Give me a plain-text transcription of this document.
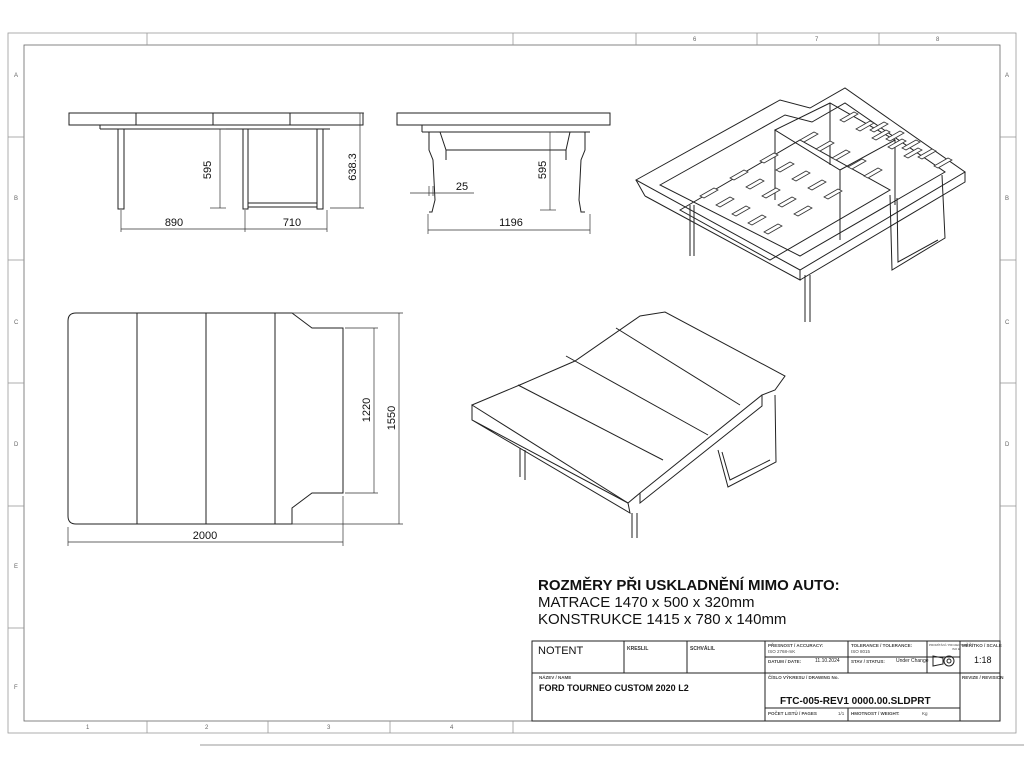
6	7	8
1	2	3	4
A
B
C
D
E
F
A
B
C
D
890	710
595	638.3
25
1196
595
2000
1220 1550
ROZMĚRY PŘI USKLADNĚNÍ MIMO AUTO:
MATRACE 1470 x 500 x 320mm
KONSTRUKCE 1415 x 780 x 140mm
NOTENT	KRESLIL	SCHVÁLIL
PŘESNOST / ACCURACY:
ISO 2768-mK
TOLERANCE / TOLERANCE:
ISO 8015
PROMÍTÁNÍ / PROJECTION:
ISO E
MĚŘÍTKO / SCALE
1:18
DATUM / DATE:	11.10.2024	STAV / STATUS: Under Change
NÁZEV / NAME
FORD TOURNEO CUSTOM 2020 L2
ČÍSLO VÝKRESU / DRAWING No.
FTC-005-REV1 0000.00.SLDPRT
REVIZE / REVISION
POČET LISTŮ / PAGES	1/1 HMOTNOST / WEIGHT:	Kg
